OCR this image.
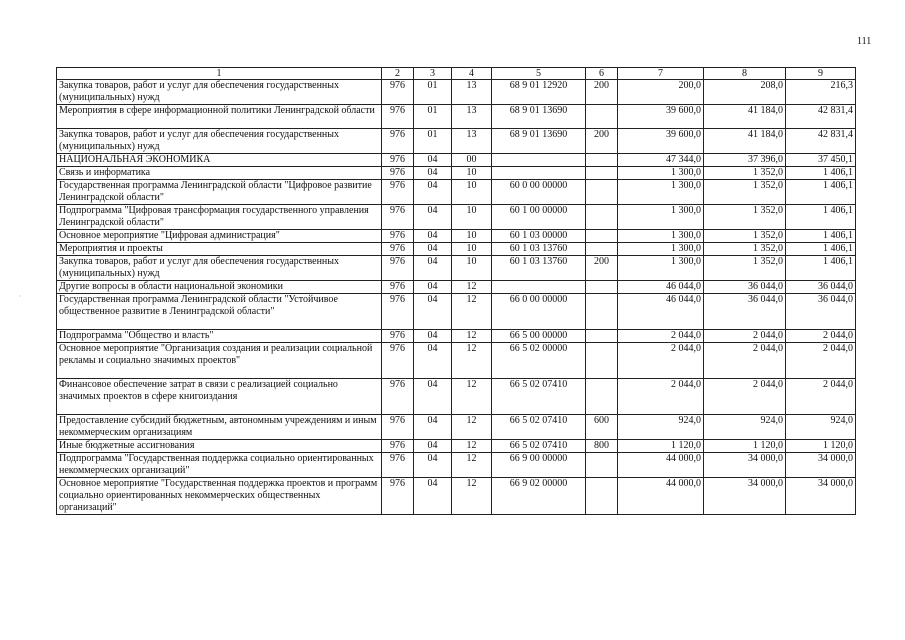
111
·
1	2	3	4	5	6	7	8	9
Закупка товаров, работ и услуг для обеспечения государственных (муниципальных) нужд	976	01	13	68 9 01 12920	200	200,0	208,0	216,3
Мероприятия в сфере информационной политики Ленинградской области	976	01	13	68 9 01 13690		39 600,0	41 184,0	42 831,4
Закупка товаров, работ и услуг для обеспечения государственных (муниципальных) нужд	976	01	13	68 9 01 13690	200	39 600,0	41 184,0	42 831,4
НАЦИОНАЛЬНАЯ ЭКОНОМИКА	976	04	00			47 344,0	37 396,0	37 450,1
Связь и информатика	976	04	10			1 300,0	1 352,0	1 406,1
Государственная программа Ленинградской области "Цифровое развитие Ленинградской области"	976	04	10	60 0 00 00000		1 300,0	1 352,0	1 406,1
Подпрограмма "Цифровая трансформация государственного управления Ленинградской области"	976	04	10	60 1 00 00000		1 300,0	1 352,0	1 406,1
Основное мероприятие "Цифровая администрация"	976	04	10	60 1 03 00000		1 300,0	1 352,0	1 406,1
Мероприятия и проекты	976	04	10	60 1 03 13760		1 300,0	1 352,0	1 406,1
Закупка товаров, работ и услуг для обеспечения государственных (муниципальных) нужд	976	04	10	60 1 03 13760	200	1 300,0	1 352,0	1 406,1
Другие вопросы в области национальной экономики	976	04	12			46 044,0	36 044,0	36 044,0
Государственная программа Ленинградской области "Устойчивое общественное развитие в Ленинградской области"	976	04	12	66 0 00 00000		46 044,0	36 044,0	36 044,0
Подпрограмма "Общество и власть"	976	04	12	66 5 00 00000		2 044,0	2 044,0	2 044,0
Основное мероприятие "Организация создания и реализации социальной рекламы и социально значимых проектов"	976	04	12	66 5 02 00000		2 044,0	2 044,0	2 044,0
Финансовое обеспечение затрат в связи с реализацией социально значимых проектов в сфере книгоиздания	976	04	12	66 5 02 07410		2 044,0	2 044,0	2 044,0
Предоставление субсидий бюджетным, автономным учреждениям и иным некоммерческим организациям	976	04	12	66 5 02 07410	600	924,0	924,0	924,0
Иные бюджетные ассигнования	976	04	12	66 5 02 07410	800	1 120,0	1 120,0	1 120,0
Подпрограмма "Государственная поддержка социально ориентированных некоммерческих организаций"	976	04	12	66 9 00 00000		44 000,0	34 000,0	34 000,0
Основное мероприятие "Государственная поддержка проектов и программ социально ориентированных некоммерческих общественных организаций"	976	04	12	66 9 02 00000		44 000,0	34 000,0	34 000,0
